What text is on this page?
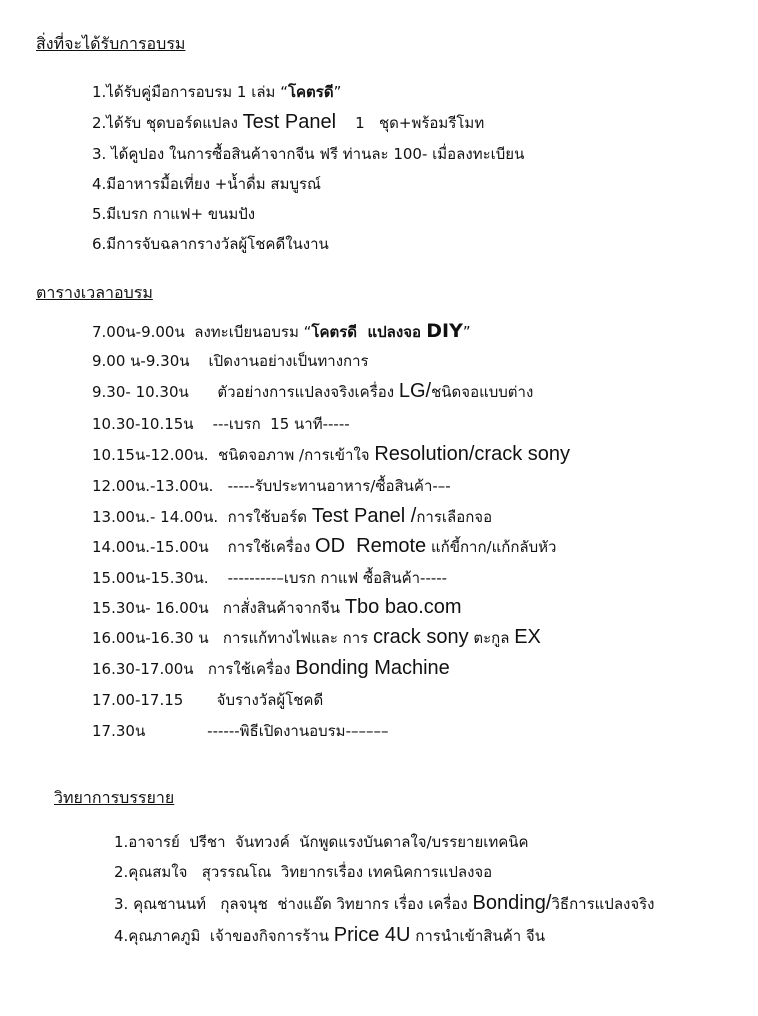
สิ่งที่จะได้รับการอบรม
1.ได้รับคู่มือการอบรม 1 เล่ม “โคตรดี”
2.ได้รับ ชุดบอร์ดแปลง Test Panel    1   ชุด+พร้อมรีโมท
3. ได้คูปอง ในการซื้อสินค้าจากจีน ฟรี ท่านละ 100- เมื่อลงทะเบียน
4.มีอาหารมื้อเที่ยง +น้ำดื่ม สมบูรณ์
5.มีเบรก กาแฟ+ ขนมปัง
6.มีการจับฉลากรางวัลผู้โชคดีในงาน
ตารางเวลาอบรม
7.00น-9.00น  ลงทะเบียนอบรม “โคตรดี  แปลงจอ DIY”
9.00 น-9.30น    เปิดงานอย่างเป็นทางการ
9.30- 10.30น      ตัวอย่างการแปลงจริงเครื่อง LG/ชนิดจอแบบต่าง
10.30-10.15น    ---เบรก  15 นาที-----
10.15น-12.00น.  ชนิดจอภาพ /การเข้าใจ Resolution/crack sony
12.00น.-13.00น.   -----รับประทานอาหาร/ซื้อสินค้า-–-
13.00น.- 14.00น.  การใช้บอร์ด Test Panel /การเลือกจอ
14.00น.-15.00น    การใช้เครื่อง OD  Remote แก้ขี้กาก/แก้กลับหัว
15.00น-15.30น.    ---------–เบรก กาแฟ ซื้อสินค้า-----
15.30น- 16.00น   กาสั่งสินค้าจากจีน Tbo bao.com
16.00น-16.30 น   การแก้ทางไฟและ การ crack sony ตะกูล EX
16.30-17.00น   การใช้เครื่อง Bonding Machine
17.00-17.15       จับรางวัลผู้โชคดี
17.30น             ------พิธีเปิดงานอบรม-–––––
วิทยาการบรรยาย
1.อาจารย์  ปรีชา  จันทวงค์  นักพูดแรงบันดาลใจ/บรรยายเทคนิค
2.คุณสมใจ   สุวรรณโณ  วิทยากรเรื่อง เทคนิคการแปลงจอ
3. คุณชานนท์   กุลจนุช  ช่างแอ๊ด วิทยากร เรื่อง เครื่อง Bonding/วิธีการแปลงจริง
4.คุณภาคภูมิ  เจ้าของกิจการร้าน Price 4U การนำเข้าสินค้า จีน
